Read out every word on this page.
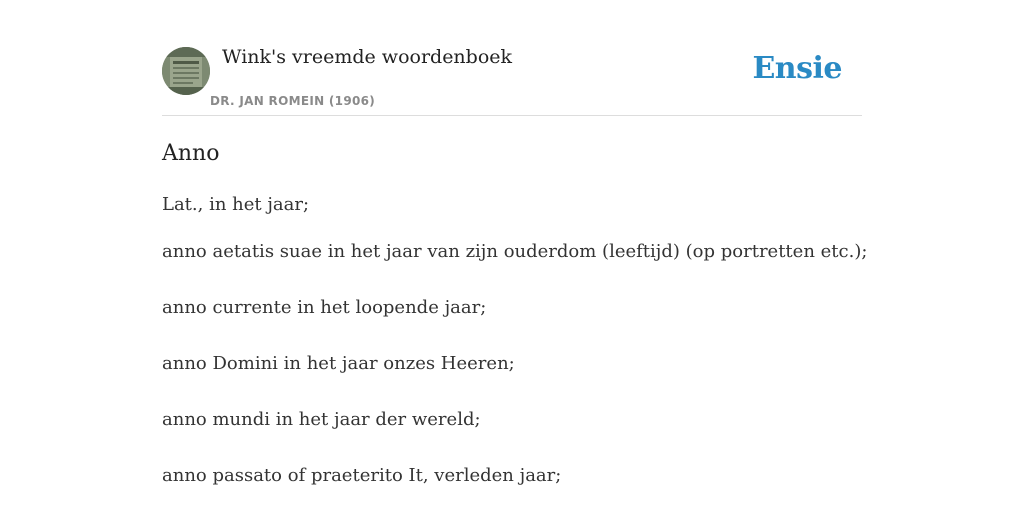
Wink's vreemde woordenboek
DR. JAN ROMEIN (1906)
Ensie
Anno

Lat., in het jaar;

anno aetatis suae in het jaar van zijn ouderdom (leeftijd) (op portretten etc.);

anno currente in het loopende jaar;

anno Domini in het jaar onzes Heeren;

anno mundi in het jaar der wereld;

anno passato of praeterito It, verleden jaar;
